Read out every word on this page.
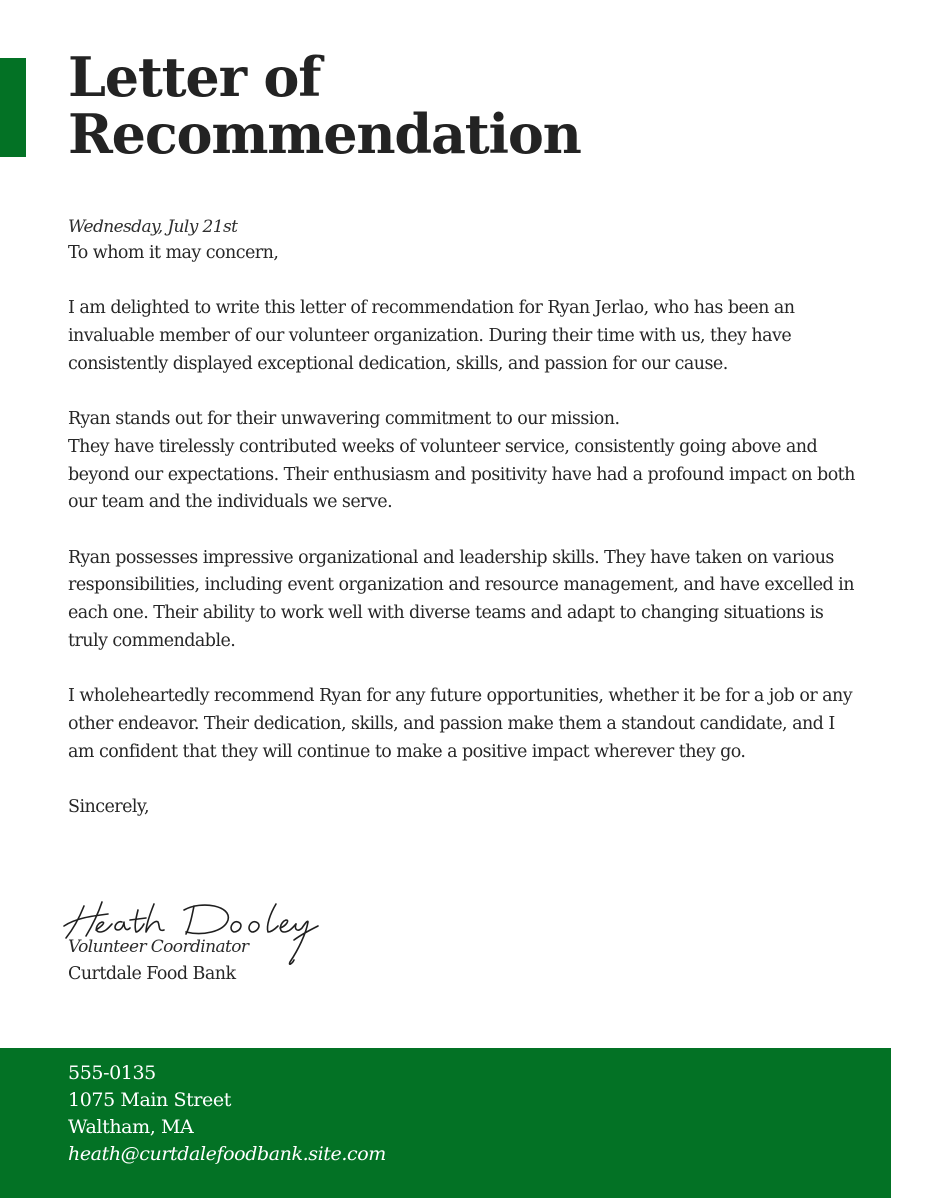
Letter of
Recommendation
Wednesday, July 21st

To whom it may concern,

I am delighted to write this letter of recommendation for Ryan Jerlao, who has been an invaluable member of our volunteer organization. During their time with us, they have consistently displayed exceptional dedication, skills, and passion for our cause.

Ryan stands out for their unwavering commitment to our mission.

They have tirelessly contributed weeks of volunteer service, consistently going above and beyond our expectations. Their enthusiasm and positivity have had a profound impact on both our team and the individuals we serve.

Ryan possesses impressive organizational and leadership skills. They have taken on various responsibilities, including event organization and resource management, and have excelled in each one. Their ability to work well with diverse teams and adapt to changing situations is truly commendable.

I wholeheartedly recommend Ryan for any future opportunities, whether it be for a job or any other endeavor. Their dedication, skills, and passion make them a standout candidate, and I am confident that they will continue to make a positive impact wherever they go.

Sincerely,

Volunteer Coordinator
Curtdale Food Bank
555-0135
1075 Main Street
Waltham, MA
heath@curtdalefoodbank.site.com
